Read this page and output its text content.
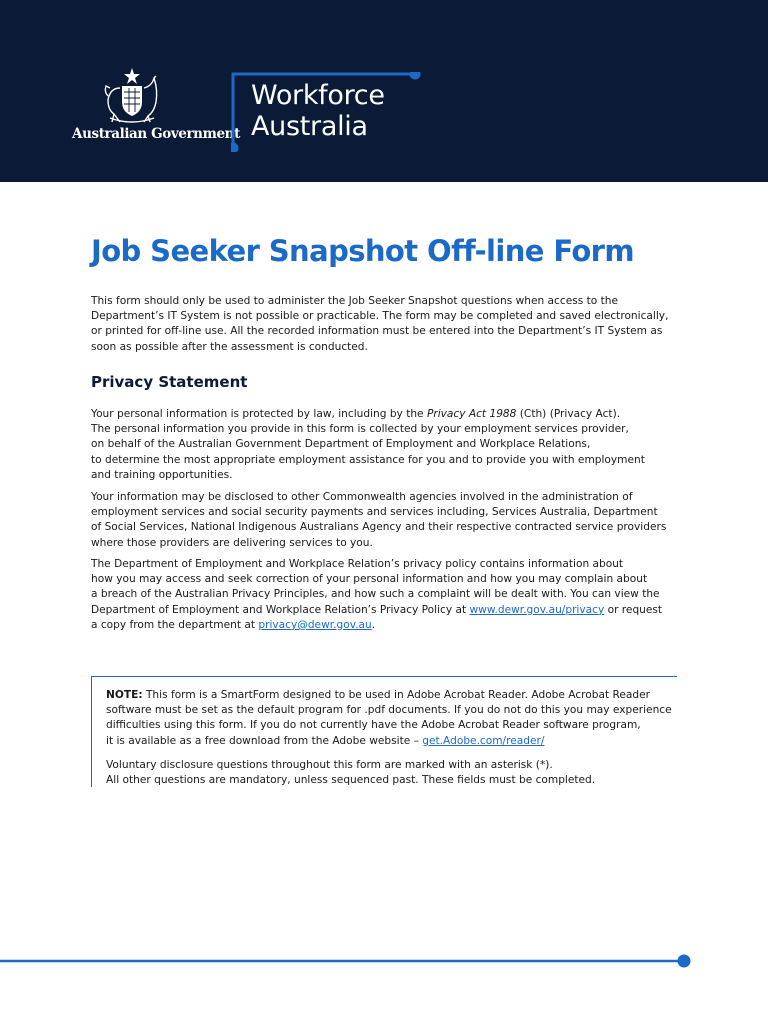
Australian Government
Workforce
Australia
Job Seeker Snapshot Off-line Form

This form should only be used to administer the Job Seeker Snapshot questions when access to the
Department’s IT System is not possible or practicable. The form may be completed and saved electronically,
or printed for off-line use. All the recorded information must be entered into the Department’s IT System as
soon as possible after the assessment is conducted.

Privacy Statement

Your personal information is protected by law, including by the Privacy Act 1988 (Cth) (Privacy Act).
The personal information you provide in this form is collected by your employment services provider,
on behalf of the Australian Government Department of Employment and Workplace Relations,
to determine the most appropriate employment assistance for you and to provide you with employment
and training opportunities.

Your information may be disclosed to other Commonwealth agencies involved in the administration of
employment services and social security payments and services including, Services Australia, Department
of Social Services, National Indigenous Australians Agency and their respective contracted service providers
where those providers are delivering services to you.

The Department of Employment and Workplace Relation’s privacy policy contains information about
how you may access and seek correction of your personal information and how you may complain about
a breach of the Australian Privacy Principles, and how such a complaint will be dealt with. You can view the
Department of Employment and Workplace Relation’s Privacy Policy at www.dewr.gov.au/privacy or request
a copy from the department at privacy@dewr.gov.au.

NOTE: This form is a SmartForm designed to be used in Adobe Acrobat Reader. Adobe Acrobat Reader
software must be set as the default program for .pdf documents. If you do not do this you may experience
difficulties using this form. If you do not currently have the Adobe Acrobat Reader software program,
it is available as a free download from the Adobe website – get.Adobe.com/reader/

Voluntary disclosure questions throughout this form are marked with an asterisk (*).
All other questions are mandatory, unless sequenced past. These fields must be completed.
